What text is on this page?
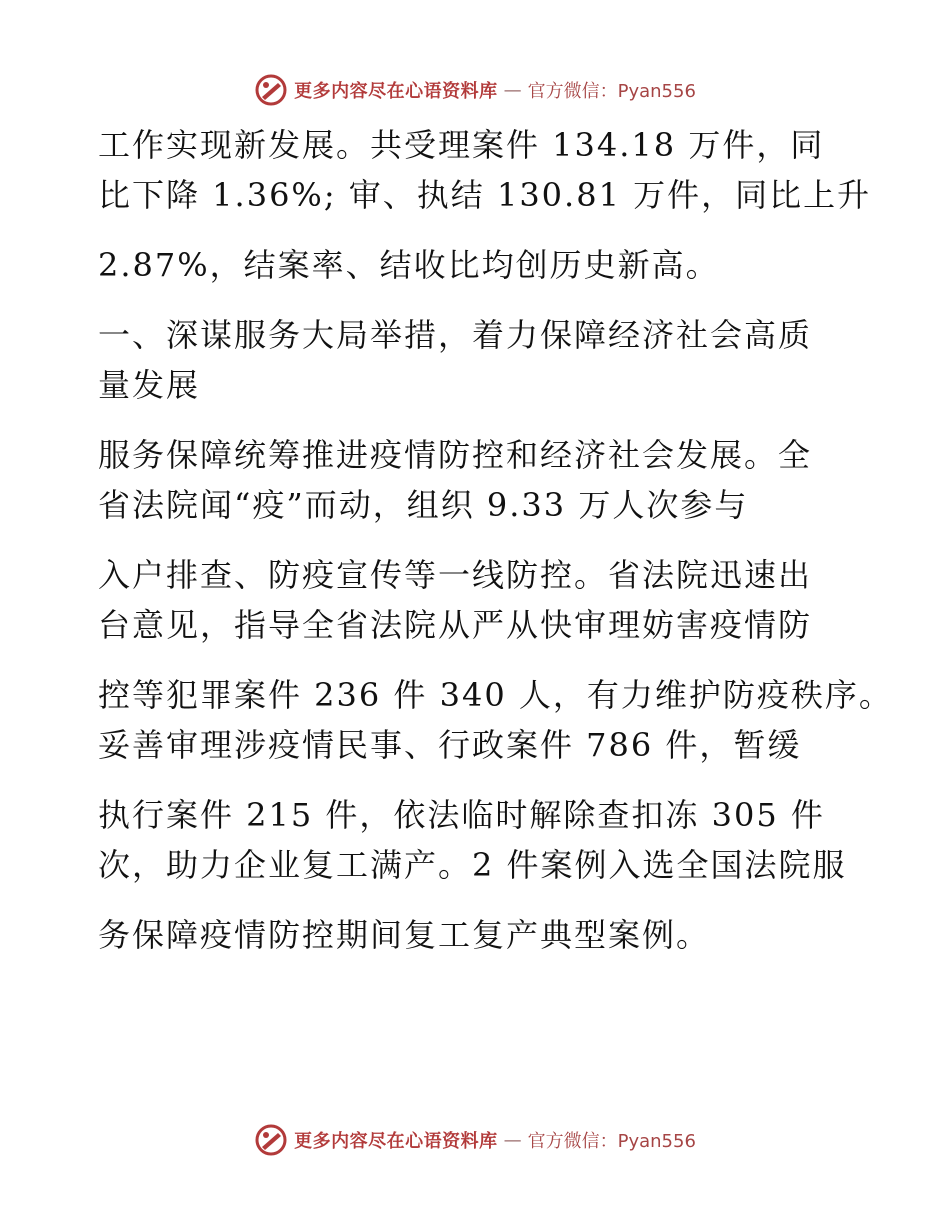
更多内容尽在心语资料库 — 官方微信：Pyan556
工作实现新发展。共受理案件 134.18 万件，同
比下降 1.36%; 审、执结 130.81 万件，同比上升
2.87%，结案率、结收比均创历史新高。
一、深谋服务大局举措，着力保障经济社会高质
量发展
服务保障统筹推进疫情防控和经济社会发展。全
省法院闻“疫”而动，组织 9.33 万人次参与
入户排查、防疫宣传等一线防控。省法院迅速出
台意见，指导全省法院从严从快审理妨害疫情防
控等犯罪案件 236 件 340 人，有力维护防疫秩序。
妥善审理涉疫情民事、行政案件 786 件，暂缓
执行案件 215 件，依法临时解除查扣冻 305 件
次，助力企业复工满产。2 件案例入选全国法院服
务保障疫情防控期间复工复产典型案例。
更多内容尽在心语资料库 — 官方微信：Pyan556
